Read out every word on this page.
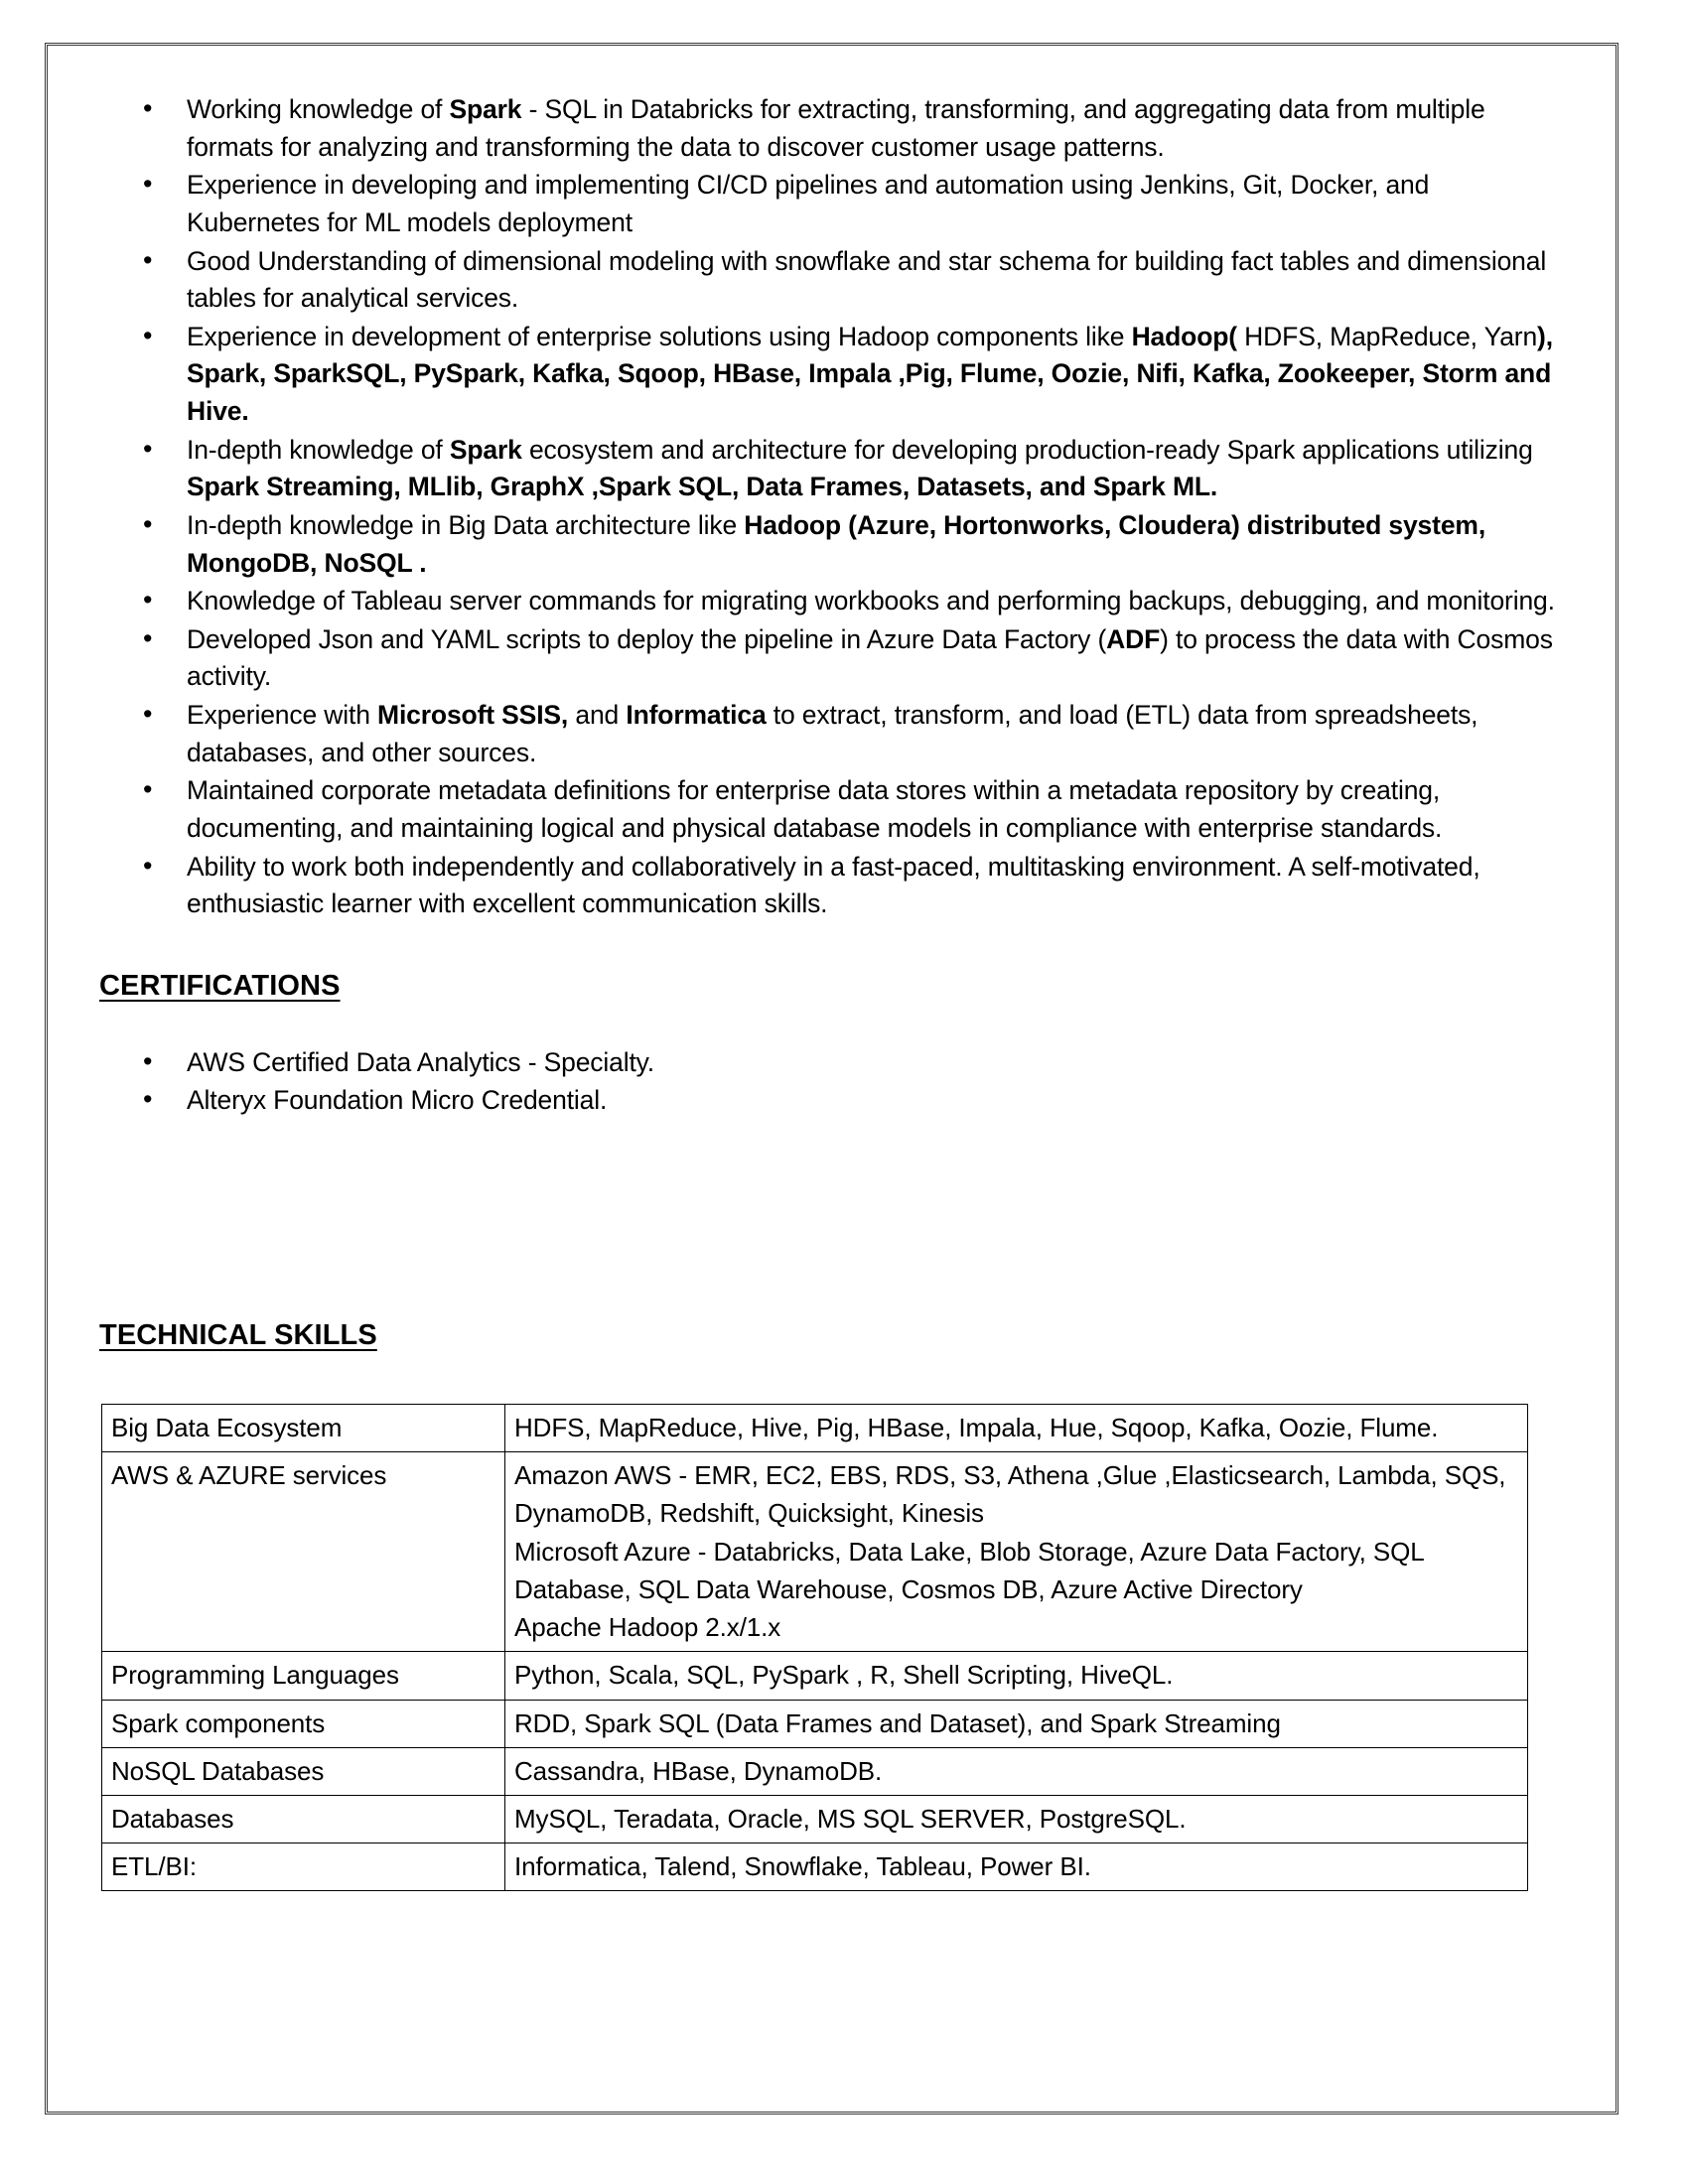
• Working knowledge of Spark - SQL in Databricks for extracting, transforming, and aggregating data from multiple formats for analyzing and transforming the data to discover customer usage patterns.
• Experience in developing and implementing CI/CD pipelines and automation using Jenkins, Git, Docker, and Kubernetes for ML models deployment
• Good Understanding of dimensional modeling with snowflake and star schema for building fact tables and dimensional tables for analytical services.
• Experience in development of enterprise solutions using Hadoop components like Hadoop( HDFS, MapReduce, Yarn), Spark, SparkSQL, PySpark, Kafka, Sqoop, HBase, Impala ,Pig, Flume, Oozie, Nifi, Kafka, Zookeeper, Storm and Hive.
• In-depth knowledge of Spark ecosystem and architecture for developing production-ready Spark applications utilizing Spark Streaming, MLlib, GraphX ,Spark SQL, Data Frames, Datasets, and Spark ML.
• In-depth knowledge in Big Data architecture like Hadoop (Azure, Hortonworks, Cloudera) distributed system, MongoDB, NoSQL .
• Knowledge of Tableau server commands for migrating workbooks and performing backups, debugging, and monitoring.
• Developed Json and YAML scripts to deploy the pipeline in Azure Data Factory (ADF) to process the data with Cosmos activity.
• Experience with Microsoft SSIS, and Informatica to extract, transform, and load (ETL) data from spreadsheets, databases, and other sources.
• Maintained corporate metadata definitions for enterprise data stores within a metadata repository by creating, documenting, and maintaining logical and physical database models in compliance with enterprise standards.
• Ability to work both independently and collaboratively in a fast-paced, multitasking environment. A self-motivated, enthusiastic learner with excellent communication skills.
CERTIFICATIONS
• AWS Certified Data Analytics - Specialty.
• Alteryx Foundation Micro Credential.
TECHNICAL SKILLS
Big Data Ecosystem	HDFS, MapReduce, Hive, Pig, HBase, Impala, Hue, Sqoop, Kafka, Oozie, Flume.

AWS & AZURE services	Amazon AWS - EMR, EC2, EBS, RDS, S3, Athena ,Glue ,Elasticsearch, Lambda, SQS, DynamoDB, Redshift, Quicksight, Kinesis
Microsoft Azure - Databricks, Data Lake, Blob Storage, Azure Data Factory, SQL Database, SQL Data Warehouse, Cosmos DB, Azure Active Directory
Apache Hadoop 2.x/1.x

Programming Languages	Python, Scala, SQL, PySpark , R, Shell Scripting, HiveQL.

Spark components	RDD, Spark SQL (Data Frames and Dataset), and Spark Streaming

NoSQL Databases	Cassandra, HBase, DynamoDB.

Databases	MySQL, Teradata, Oracle, MS SQL SERVER, PostgreSQL.

ETL/BI:	Informatica, Talend, Snowflake, Tableau, Power BI.
